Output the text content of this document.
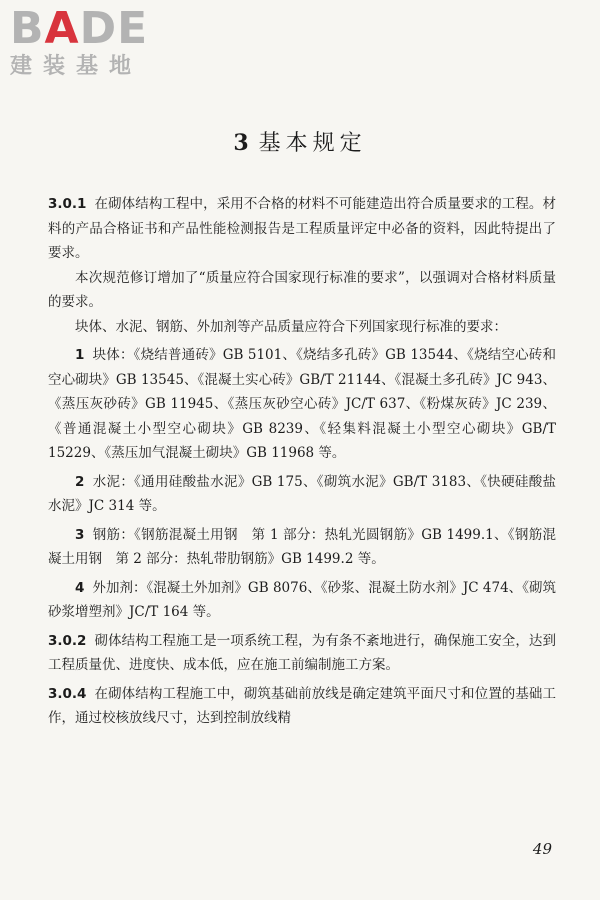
BADE
建装基地
3 基本规定

3.0.1 在砌体结构工程中，采用不合格的材料不可能建造出符合质量要求的工程。材料的产品合格证书和产品性能检测报告是工程质量评定中必备的资料，因此特提出了要求。

本次规范修订增加了“质量应符合国家现行标准的要求”，以强调对合格材料质量的要求。

块体、水泥、钢筋、外加剂等产品质量应符合下列国家现行标准的要求：

1 块体：《烧结普通砖》GB 5101、《烧结多孔砖》GB 13544、《烧结空心砖和空心砌块》GB 13545、《混凝土实心砖》GB/T 21144、《混凝土多孔砖》JC 943、《蒸压灰砂砖》GB 11945、《蒸压灰砂空心砖》JC/T 637、《粉煤灰砖》JC 239、《普通混凝土小型空心砌块》GB 8239、《轻集料混凝土小型空心砌块》GB/T 15229、《蒸压加气混凝土砌块》GB 11968 等。

2 水泥：《通用硅酸盐水泥》GB 175、《砌筑水泥》GB/T 3183、《快硬硅酸盐水泥》JC 314 等。

3 钢筋：《钢筋混凝土用钢　第 1 部分：热轧光圆钢筋》GB 1499.1、《钢筋混凝土用钢　第 2 部分：热轧带肋钢筋》GB 1499.2 等。

4 外加剂：《混凝土外加剂》GB 8076、《砂浆、混凝土防水剂》JC 474、《砌筑砂浆增塑剂》JC/T 164 等。

3.0.2 砌体结构工程施工是一项系统工程，为有条不紊地进行，确保施工安全，达到工程质量优、进度快、成本低，应在施工前编制施工方案。

3.0.4 在砌体结构工程施工中，砌筑基础前放线是确定建筑平面尺寸和位置的基础工作，通过校核放线尺寸，达到控制放线精

49
